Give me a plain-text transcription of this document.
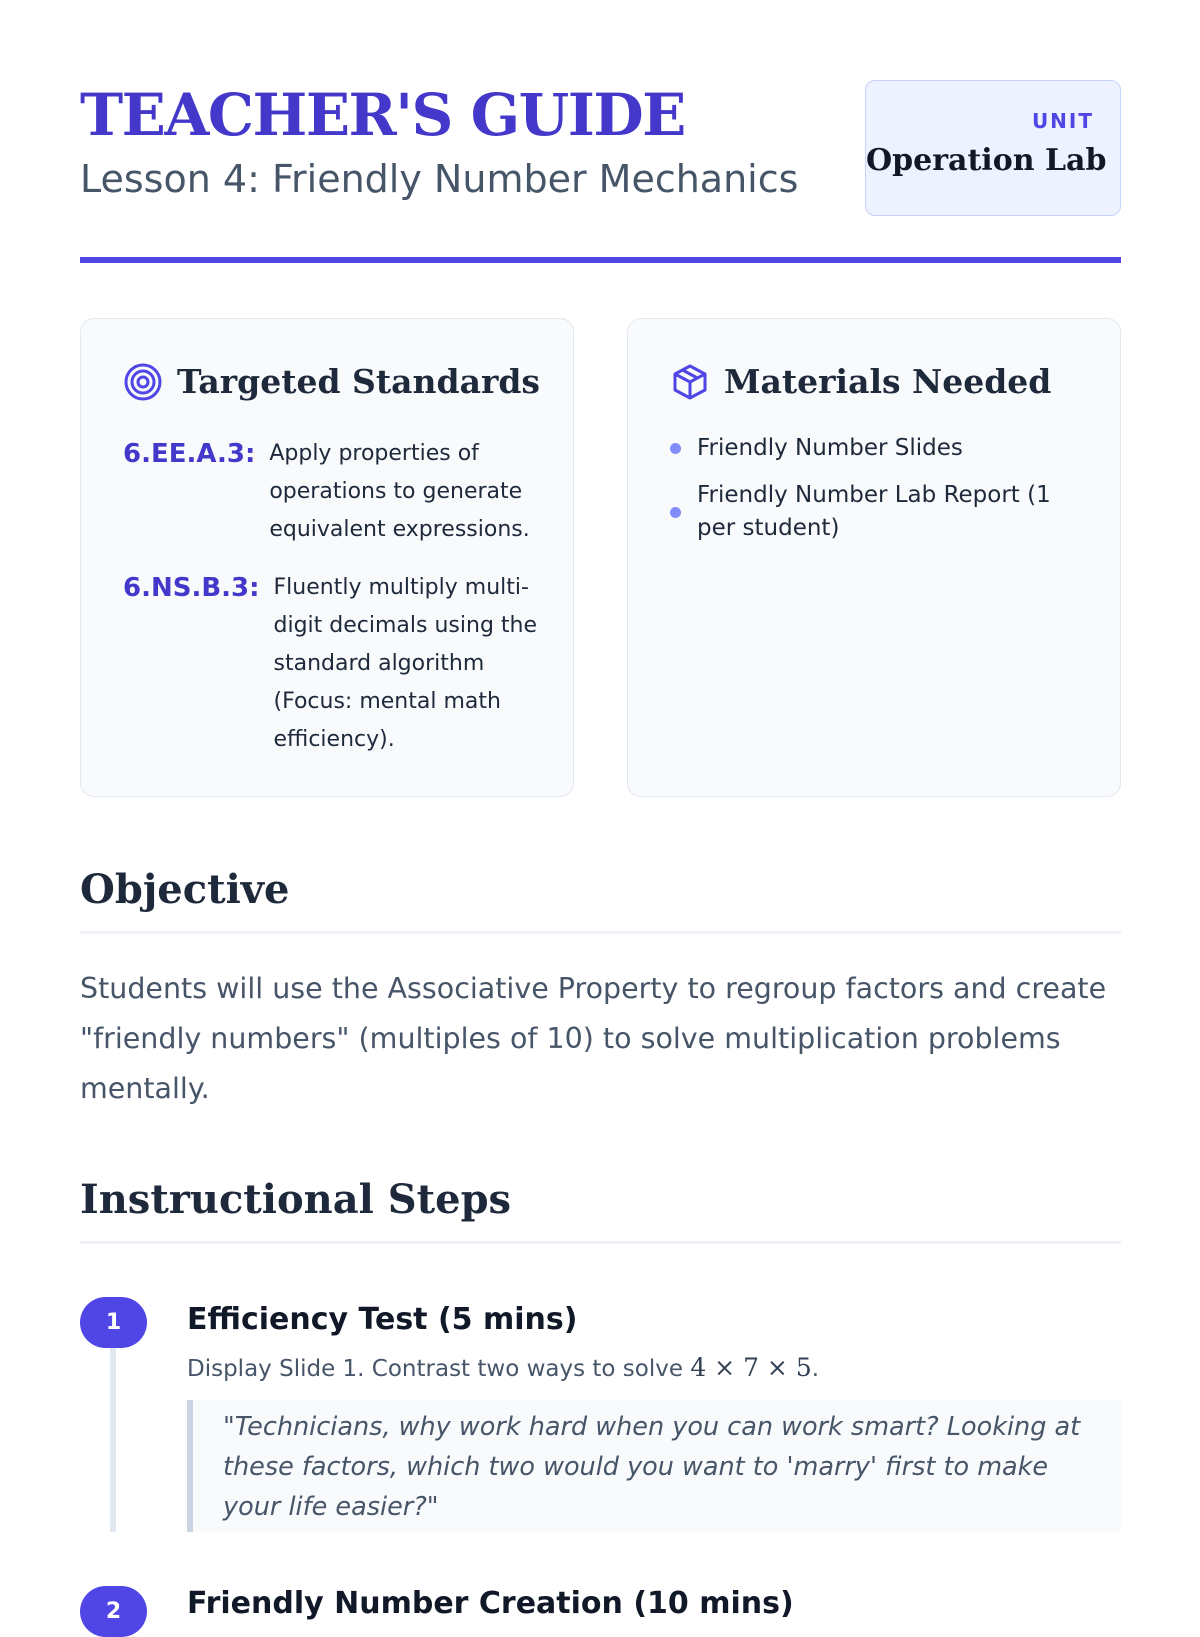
TEACHER'S GUIDE
Lesson 4: Friendly Number Mechanics
UNIT
Operation Lab
Targeted Standards
6.EE.A.3: Apply properties of operations to generate equivalent expressions.
6.NS.B.3: Fluently multiply multi-digit decimals using the standard algorithm (Focus: mental math efficiency).
Materials Needed
Friendly Number Slides
Friendly Number Lab Report (1 per student)
Objective
Students will use the Associative Property to regroup factors and create "friendly numbers" (multiples of 10) to solve multiplication problems mentally.
Instructional Steps
1	Efficiency Test (5 mins)
Display Slide 1. Contrast two ways to solve 4 × 7 × 5.
"Technicians, why work hard when you can work smart? Looking at these factors, which two would you want to 'marry' first to make your life easier?"
2	Friendly Number Creation (10 mins)
